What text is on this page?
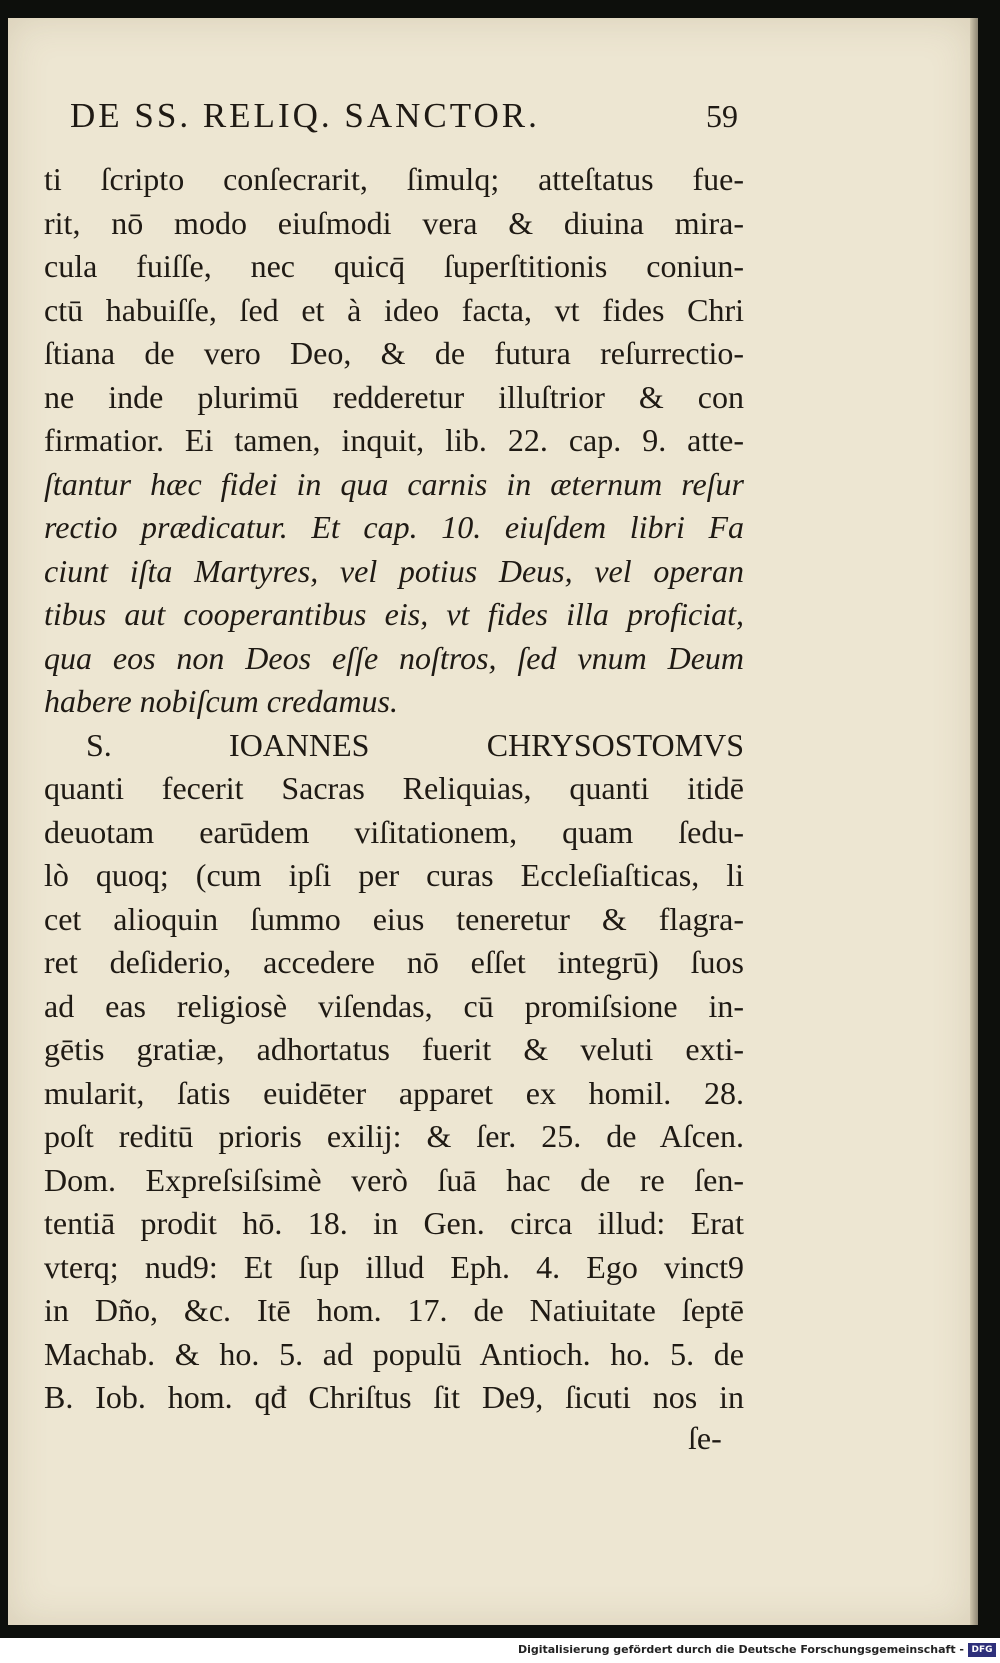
DE SS. RELIQ. SANCTOR.	59
ti ſcripto conſecrarit, ſimulq; atteſtatus fue-
rit, nō modo eiuſmodi vera & diuina mira-
cula fuiſſe, nec quicq̄ ſuperſtitionis coniun-
ctū habuiſſe, ſed et à ideo facta, vt fides Chri
ſtiana de vero Deo, & de futura reſurrectio-
ne inde plurimū redderetur illuſtrior & con
firmatior. Ei tamen, inquit, lib. 22. cap. 9. atte-
ſtantur hæc fidei in qua carnis in æternum reſur
rectio prædicatur. Et cap. 10. eiuſdem libri Fa
ciunt iſta Martyres, vel potius Deus, vel operan
tibus aut cooperantibus eis, vt fides illa proficiat,
qua eos non Deos eſſe noſtros, ſed vnum Deum
habere nobiſcum credamus.
S. IOANNES CHRYSOSTOMVS
quanti fecerit Sacras Reliquias, quanti itidē
deuotam earūdem viſitationem, quam ſedu-
lò quoq; (cum ipſi per curas Eccleſiaſticas, li
cet alioquin ſummo eius teneretur & flagra-
ret deſiderio, accedere nō eſſet integrū) ſuos
ad eas religiosè viſendas, cū promiſsione in-
gētis gratiæ, adhortatus fuerit & veluti exti-
mularit, ſatis euidēter apparet ex homil. 28.
poſt reditū prioris exilij: & ſer. 25. de Aſcen.
Dom. Expreſsiſsimè verò ſuā hac de re ſen-
tentiā prodit hō. 18. in Gen. circa illud: Erat
vterq; nud9: Et ſup illud Eph. 4. Ego vinct9
in Dño, &c. Itē hom. 17. de Natiuitate ſeptē
Machab. & ho. 5. ad populū Antioch. ho. 5. de
B. Iob. hom. qđ Chriſtus ſit De9, ſicuti nos in
ſe-
Digitalisierung gefördert durch die Deutsche Forschungsgemeinschaft - DFG
